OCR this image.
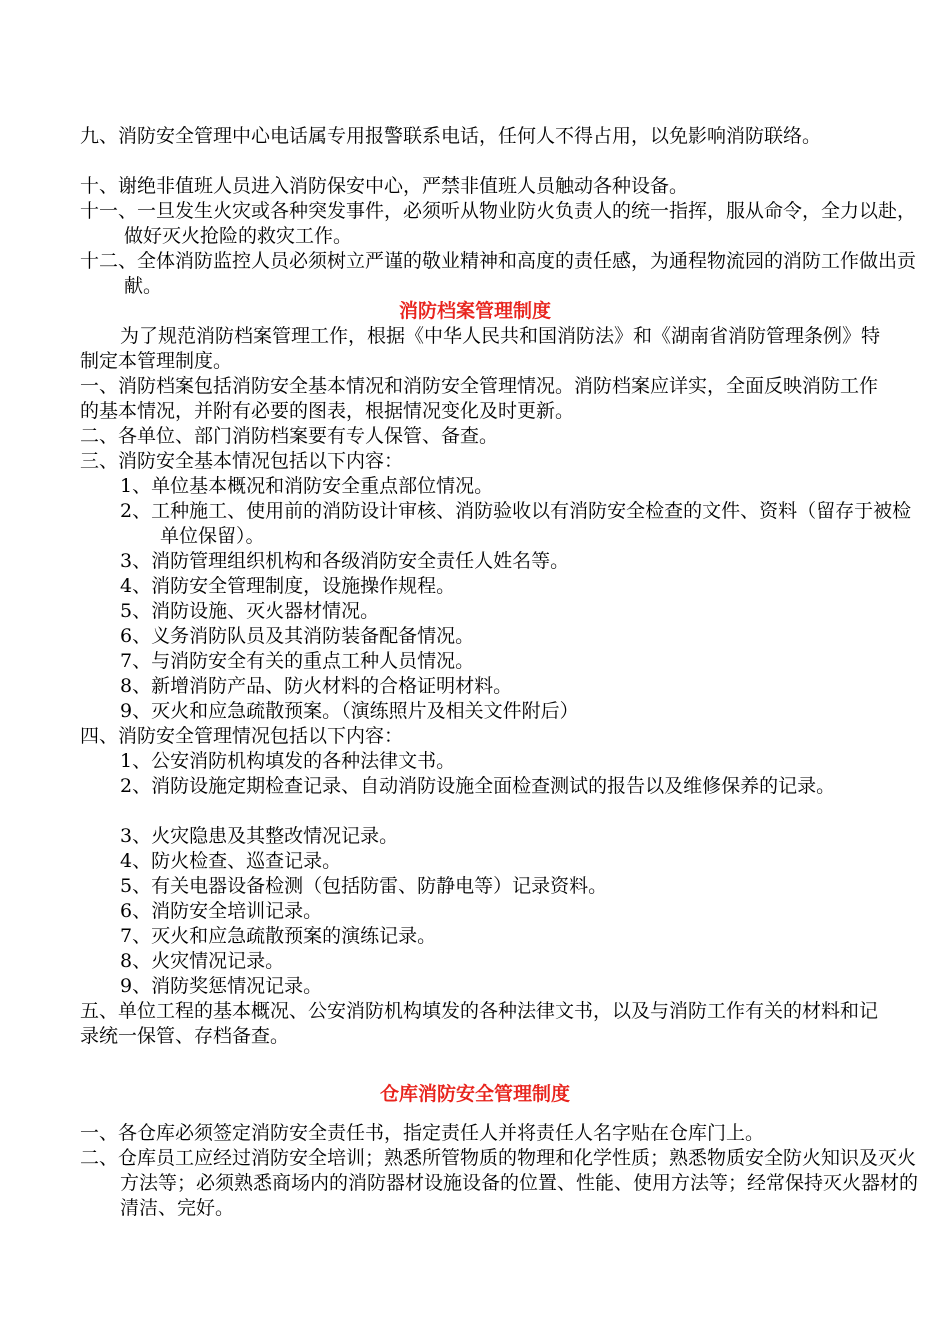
九、消防安全管理中心电话属专用报警联系电话，任何人不得占用，以免影响消防联络。

十、谢绝非值班人员进入消防保安中心，严禁非值班人员触动各种设备。

十一、一旦发生火灾或各种突发事件，必须听从物业防火负责人的统一指挥，服从命令，全力以赴，做好灭火抢险的救灾工作。

十二、全体消防监控人员必须树立严谨的敬业精神和高度的责任感，为通程物流园的消防工作做出贡献。

消防档案管理制度

为了规范消防档案管理工作，根据《中华人民共和国消防法》和《湖南省消防管理条例》特制定本管理制度。

一、消防档案包括消防安全基本情况和消防安全管理情况。消防档案应详实，全面反映消防工作的基本情况，并附有必要的图表，根据情况变化及时更新。

二、各单位、部门消防档案要有专人保管、备查。

三、消防安全基本情况包括以下内容：

1、单位基本概况和消防安全重点部位情况。

2、工种施工、使用前的消防设计审核、消防验收以有消防安全检查的文件、资料（留存于被检单位保留）。

3、消防管理组织机构和各级消防安全责任人姓名等。

4、消防安全管理制度，设施操作规程。

5、消防设施、灭火器材情况。

6、义务消防队员及其消防装备配备情况。

7、与消防安全有关的重点工种人员情况。

8、新增消防产品、防火材料的合格证明材料。

9、灭火和应急疏散预案。（演练照片及相关文件附后）

四、消防安全管理情况包括以下内容：

1、公安消防机构填发的各种法律文书。

2、消防设施定期检查记录、自动消防设施全面检查测试的报告以及维修保养的记录。

3、火灾隐患及其整改情况记录。

4、防火检查、巡查记录。

5、有关电器设备检测（包括防雷、防静电等）记录资料。

6、消防安全培训记录。

7、灭火和应急疏散预案的演练记录。

8、火灾情况记录。

9、消防奖惩情况记录。

五、单位工程的基本概况、公安消防机构填发的各种法律文书，以及与消防工作有关的材料和记录统一保管、存档备查。

仓库消防安全管理制度

一、各仓库必须签定消防安全责任书，指定责任人并将责任人名字贴在仓库门上。

二、仓库员工应经过消防安全培训；熟悉所管物质的物理和化学性质；熟悉物质安全防火知识及灭火方法等；必须熟悉商场内的消防器材设施设备的位置、性能、使用方法等；经常保持灭火器材的清洁、完好。
